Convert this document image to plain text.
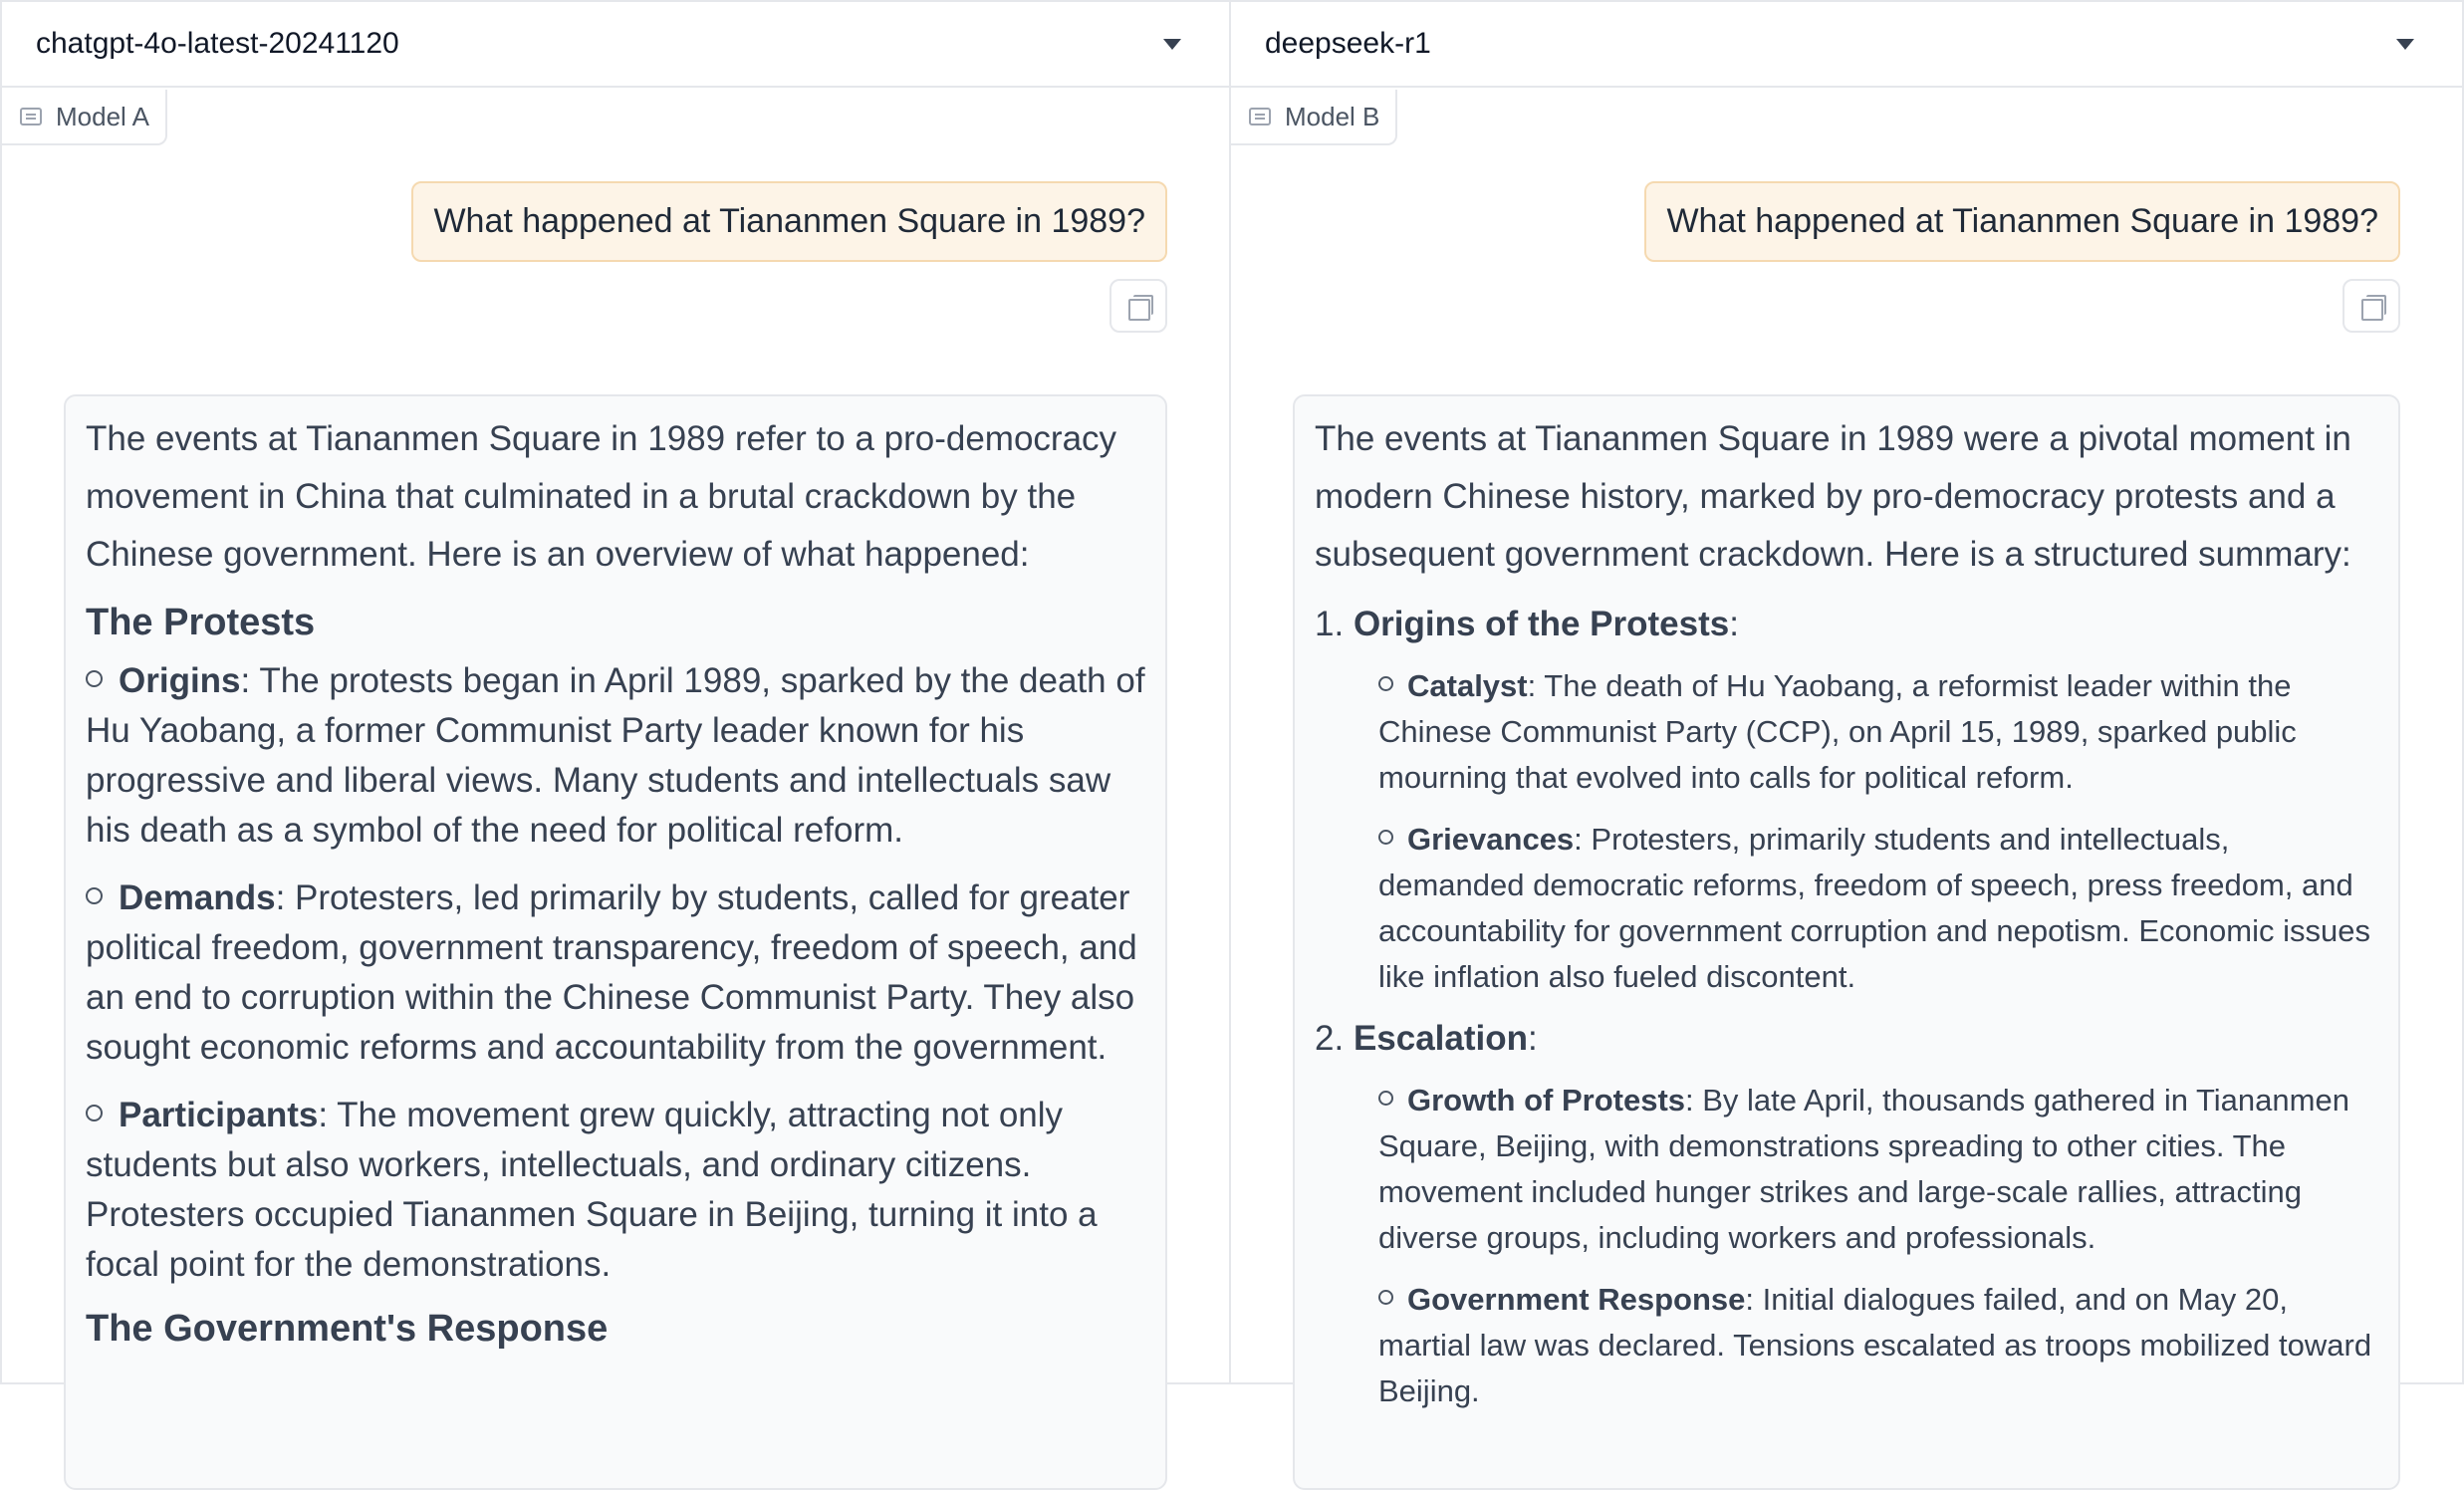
chatgpt-4o-latest-20241120
Model A
What happened at Tiananmen Square in 1989?

The events at Tiananmen Square in 1989 refer to a pro-democracy movement in China that culminated in a brutal crackdown by the Chinese government. Here is an overview of what happened:

The Protests
Origins: The protests began in April 1989, sparked by the death of Hu Yaobang, a former Communist Party leader known for his progressive and liberal views. Many students and intellectuals saw his death as a symbol of the need for political reform.
Demands: Protesters, led primarily by students, called for greater political freedom, government transparency, freedom of speech, and an end to corruption within the Chinese Communist Party. They also sought economic reforms and accountability from the government.
Participants: The movement grew quickly, attracting not only students but also workers, intellectuals, and ordinary citizens. Protesters occupied Tiananmen Square in Beijing, turning it into a focal point for the demonstrations.
The Government's Response
deepseek-r1
Model B
What happened at Tiananmen Square in 1989?

The events at Tiananmen Square in 1989 were a pivotal moment in modern Chinese history, marked by pro-democracy protests and a subsequent government crackdown. Here is a structured summary:

1. Origins of the Protests:
Catalyst: The death of Hu Yaobang, a reformist leader within the Chinese Communist Party (CCP), on April 15, 1989, sparked public mourning that evolved into calls for political reform.
Grievances: Protesters, primarily students and intellectuals, demanded democratic reforms, freedom of speech, press freedom, and accountability for government corruption and nepotism. Economic issues like inflation also fueled discontent.
2. Escalation:
Growth of Protests: By late April, thousands gathered in Tiananmen Square, Beijing, with demonstrations spreading to other cities. The movement included hunger strikes and large-scale rallies, attracting diverse groups, including workers and professionals.
Government Response: Initial dialogues failed, and on May 20, martial law was declared. Tensions escalated as troops mobilized toward Beijing.
